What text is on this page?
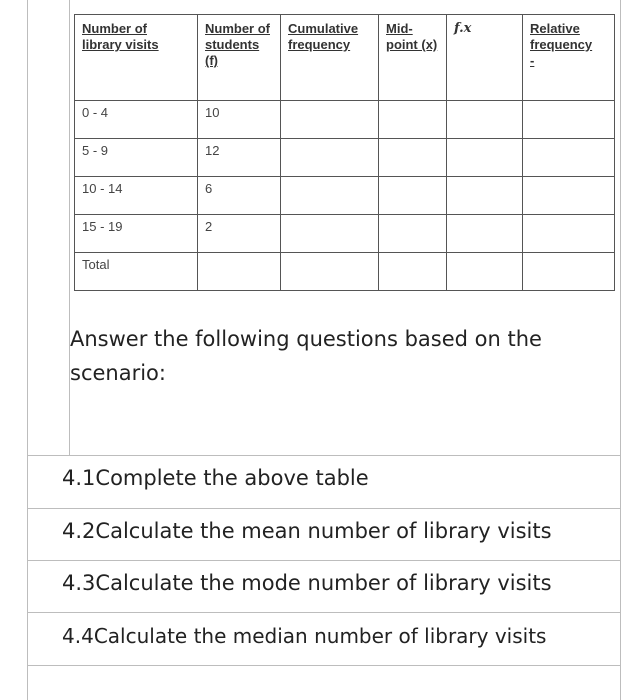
Number of library visits	Number of students (f)	Cumulative frequency	Mid-point (x)	f.x	Relative frequency
-

0 - 4	10				
5 - 9	12				
10 - 14	6				
15 - 19	2				
Total					
Answer the following questions based on the scenario:
4.1Complete the above table
4.2Calculate the mean number of library visits
4.3Calculate the mode number of library visits
4.4Calculate the median number of library visits
